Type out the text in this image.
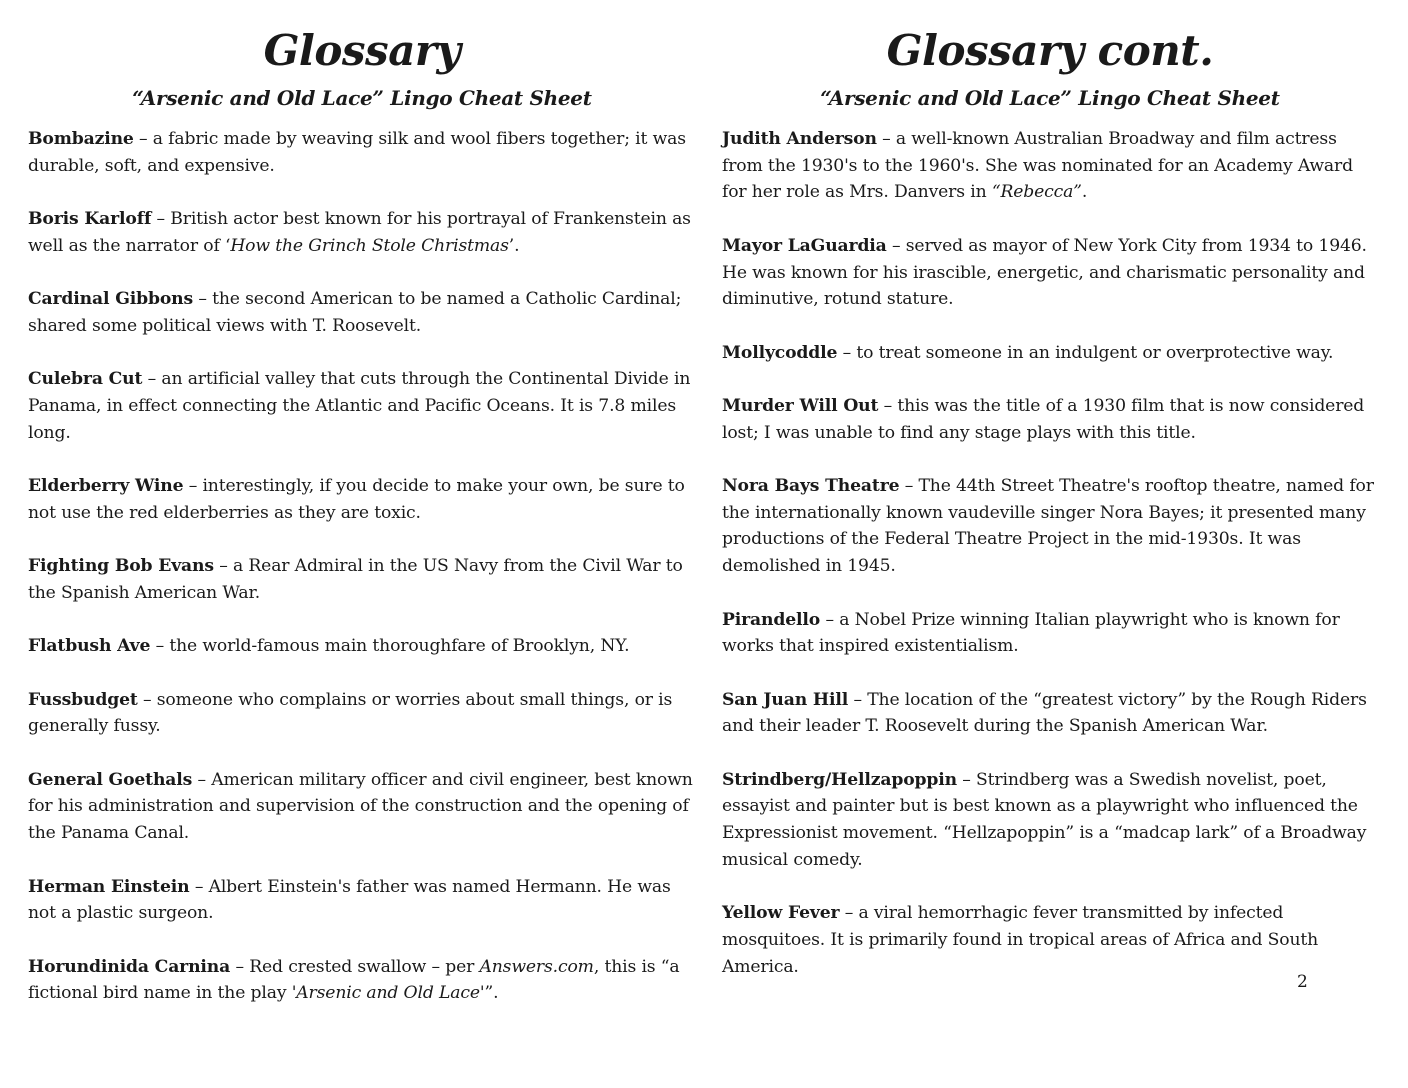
Glossary
“Arsenic and Old Lace” Lingo Cheat Sheet

Bombazine – a fabric made by weaving silk and wool fibers together; it was durable, soft, and expensive.

Boris Karloff – British actor best known for his portrayal of Frankenstein as well as the narrator of ‘How the Grinch Stole Christmas’.

Cardinal Gibbons – the second American to be named a Catholic Cardinal; shared some political views with T. Roosevelt.

Culebra Cut – an artificial valley that cuts through the Continental Divide in Panama, in effect connecting the Atlantic and Pacific Oceans. It is 7.8 miles long.

Elderberry Wine – interestingly, if you decide to make your own, be sure to not use the red elderberries as they are toxic.

Fighting Bob Evans – a Rear Admiral in the US Navy from the Civil War to the Spanish American War.

Flatbush Ave – the world-famous main thoroughfare of Brooklyn, NY.

Fussbudget – someone who complains or worries about small things, or is generally fussy.

General Goethals – American military officer and civil engineer, best known for his administration and supervision of the construction and the opening of the Panama Canal.

Herman Einstein – Albert Einstein's father was named Hermann. He was not a plastic surgeon.

Horundinida Carnina – Red crested swallow – per Answers.com, this is “a fictional bird name in the play 'Arsenic and Old Lace'”.

Glossary cont.
“Arsenic and Old Lace” Lingo Cheat Sheet

Judith Anderson – a well-known Australian Broadway and film actress from the 1930's to the 1960's. She was nominated for an Academy Award for her role as Mrs. Danvers in “Rebecca”.

Mayor LaGuardia – served as mayor of New York City from 1934 to 1946. He was known for his irascible, energetic, and charismatic personality and diminutive, rotund stature.

Mollycoddle – to treat someone in an indulgent or overprotective way.

Murder Will Out – this was the title of a 1930 film that is now considered lost; I was unable to find any stage plays with this title.

Nora Bays Theatre – The 44th Street Theatre's rooftop theatre, named for the internationally known vaudeville singer Nora Bayes; it presented many productions of the Federal Theatre Project in the mid-1930s. It was demolished in 1945.

Pirandello – a Nobel Prize winning Italian playwright who is known for works that inspired existentialism.

San Juan Hill – The location of the “greatest victory” by the Rough Riders and their leader T. Roosevelt during the Spanish American War.

Strindberg/Hellzapoppin – Strindberg was a Swedish novelist, poet, essayist and painter but is best known as a playwright who influenced the Expressionist movement. “Hellzapoppin” is a “madcap lark” of a Broadway musical comedy.

Yellow Fever – a viral hemorrhagic fever transmitted by infected mosquitoes. It is primarily found in tropical areas of Africa and South America.

2
